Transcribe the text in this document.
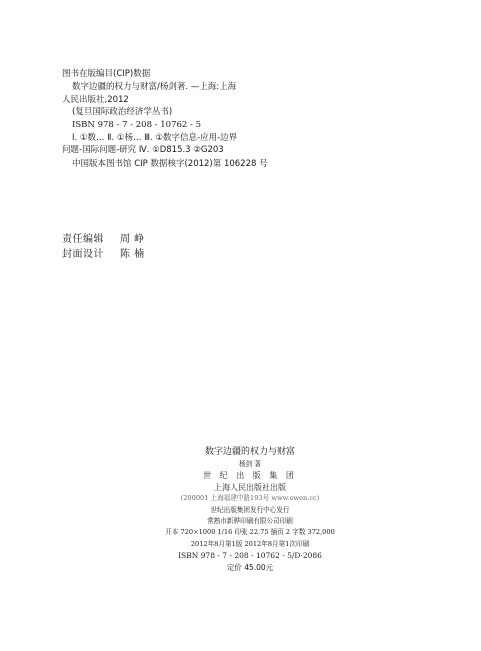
图书在版编目(CIP)数据
数字边疆的权力与财富/杨剑著. —上海:上海
人民出版社,2012
(复旦国际政治经济学丛书)
ISBN 978 - 7 - 208 - 10762 - 5
Ⅰ. ①数… Ⅱ. ①杨… Ⅲ. ①数字信息-应用-边界
问题-国际问题-研究 Ⅳ. ①D815.3 ②G203
中国版本图书馆 CIP 数据核字(2012)第 106228 号
责任编辑 周 峥
封面设计 陈 楠
数字边疆的权力与财富
杨剑 著
世 纪 出 版 集 团
上海人民出版社出版
(200001 上海福建中路193号 www.ewen.cc)
世纪出版集团发行中心发行
常熟市新骅印刷有限公司印刷
开本 720×1000 1/16 印张 22.75 插页 2 字数 372,000
2012年8月第1版 2012年8月第1次印刷
ISBN 978 - 7 - 208 - 10762 - 5/D·2086
定价 45.00元
